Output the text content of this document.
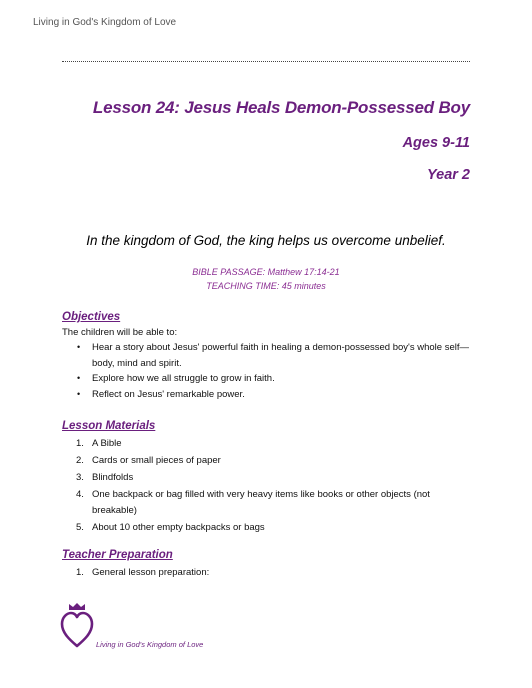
Living in God's Kingdom of Love
Lesson 24: Jesus Heals Demon-Possessed Boy
Ages 9-11
Year 2
In the kingdom of God, the king helps us overcome unbelief.
BIBLE PASSAGE: Matthew 17:14-21
TEACHING TIME: 45 minutes
Objectives
The children will be able to:
• Hear a story about Jesus' powerful faith in healing a demon-possessed boy's whole self—body, mind and spirit.
• Explore how we all struggle to grow in faith.
• Reflect on Jesus' remarkable power.
Lesson Materials
1. A Bible
2. Cards or small pieces of paper
3. Blindfolds
4. One backpack or bag filled with very heavy items like books or other objects (not breakable)
5. About 10 other empty backpacks or bags
Teacher Preparation
1. General lesson preparation:
Living in God's Kingdom of Love
